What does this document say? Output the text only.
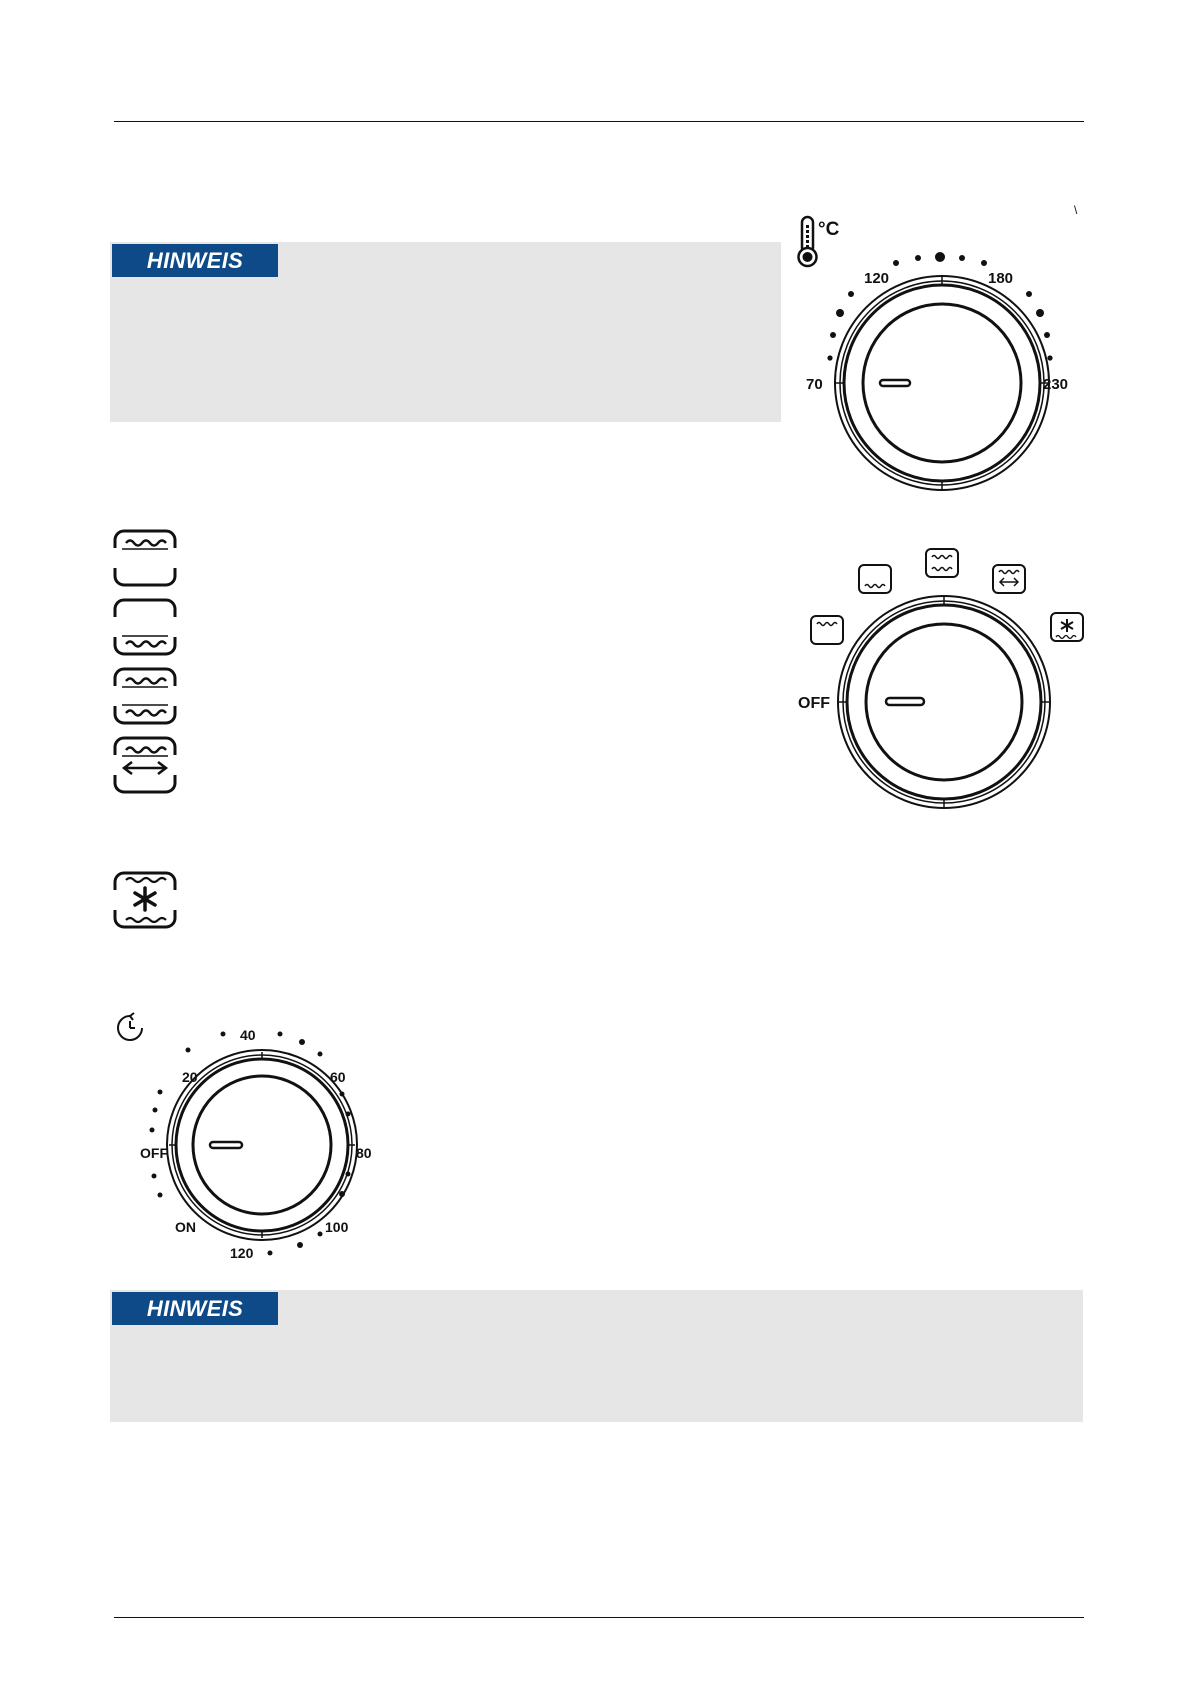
HINWEIS
HINWEIS
\
°C
70
120	180
230
OFF
OFF
20
40
60
80
100
120
ON
